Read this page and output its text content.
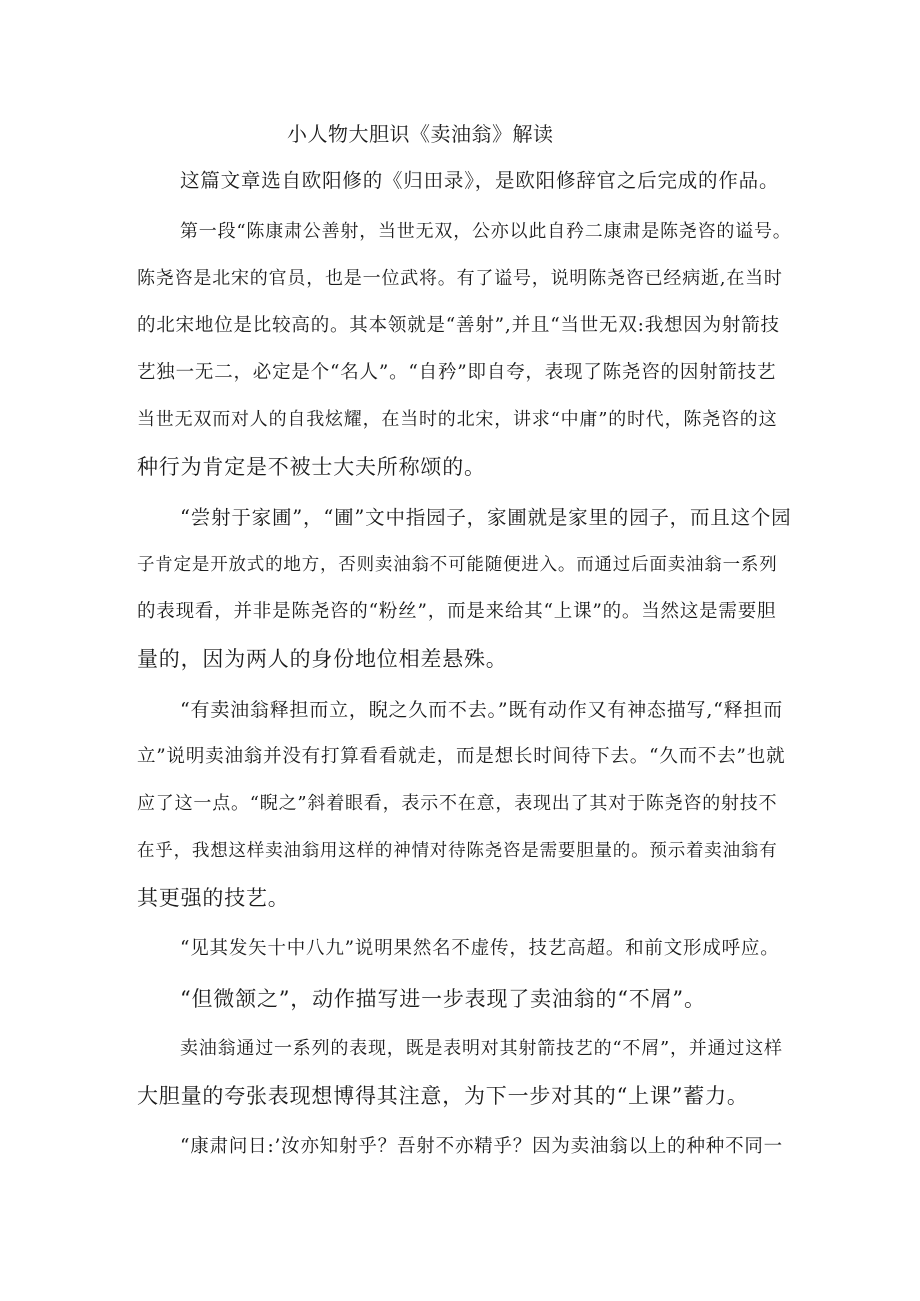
小人物大胆识《卖油翁》解读
这篇文章选自欧阳修的《归田录》，是欧阳修辞官之后完成的作品。
第一段“陈康肃公善射，当世无双，公亦以此自矜二康肃是陈尧咨的谥号。
陈尧咨是北宋的官员，也是一位武将。有了谥号，说明陈尧咨已经病逝,在当时
的北宋地位是比较高的。其本领就是“善射”,并且“当世无双:我想因为射箭技
艺独一无二，必定是个“名人”。“自矜”即自夸，表现了陈尧咨的因射箭技艺
当世无双而对人的自我炫耀，在当时的北宋，讲求“中庸”的时代，陈尧咨的这
种行为肯定是不被士大夫所称颂的。
“尝射于家圃”，“圃”文中指园子，家圃就是家里的园子，而且这个园
子肯定是开放式的地方，否则卖油翁不可能随便进入。而通过后面卖油翁一系列
的表现看，并非是陈尧咨的“粉丝”，而是来给其“上课”的。当然这是需要胆
量的，因为两人的身份地位相差悬殊。
“有卖油翁释担而立，睨之久而不去。”既有动作又有神态描写,“释担而
立”说明卖油翁并没有打算看看就走，而是想长时间待下去。“久而不去”也就
应了这一点。“睨之”斜着眼看，表示不在意，表现出了其对于陈尧咨的射技不
在乎，我想这样卖油翁用这样的神情对待陈尧咨是需要胆量的。预示着卖油翁有
其更强的技艺。
“见其发矢十中八九”说明果然名不虚传，技艺高超。和前文形成呼应。
“但微颔之”，动作描写进一步表现了卖油翁的“不屑”。
卖油翁通过一系列的表现，既是表明对其射箭技艺的“不屑”，并通过这样
大胆量的夸张表现想博得其注意，为下一步对其的“上课”蓄力。
“康肃问日:’汝亦知射乎？吾射不亦精乎？因为卖油翁以上的种种不同一
